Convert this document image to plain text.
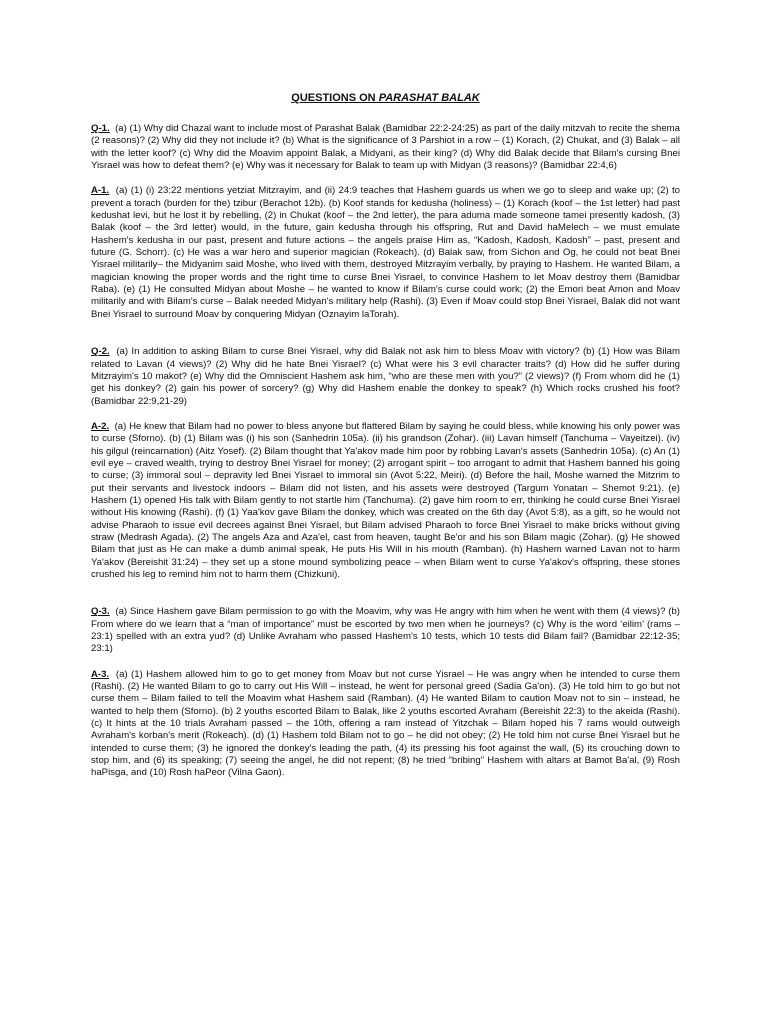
QUESTIONS ON PARASHAT BALAK

Q-1. (a) (1) Why did Chazal want to include most of Parashat Balak (Bamidbar 22:2-24:25) as part of the daily mitzvah to recite the shema (2 reasons)? (2) Why did they not include it? (b) What is the significance of 3 Parshiot in a row – (1) Korach, (2) Chukat, and (3) Balak – all with the letter koof? (c) Why did the Moavim appoint Balak, a Midyani, as their king? (d) Why did Balak decide that Bilam's cursing Bnei Yisrael was how to defeat them? (e) Why was it necessary for Balak to team up with Midyan (3 reasons)? (Bamidbar 22:4,6)

A-1. (a) (1) (i) 23:22 mentions yetziat Mitzrayim, and (ii) 24:9 teaches that Hashem guards us when we go to sleep and wake up; (2) to prevent a torach (burden for the) tzibur (Berachot 12b). (b) Koof stands for kedusha (holiness) – (1) Korach (koof – the 1st letter) had past kedushat levi, but he lost it by rebelling, (2) in Chukat (koof – the 2nd letter), the para aduma made someone tamei presently kadosh, (3) Balak (koof – the 3rd letter) would, in the future, gain kedusha through his offspring, Rut and David haMelech – we must emulate Hashem's kedusha in our past, present and future actions – the angels praise Him as, “Kadosh, Kadosh, Kadosh” – past, present and future (G. Schorr). (c) He was a war hero and superior magician (Rokeach). (d) Balak saw, from Sichon and Og, he could not beat Bnei Yisrael militarily– the Midyanim said Moshe, who lived with them, destroyed Mitzrayim verbally, by praying to Hashem. He wanted Bilam, a magician knowing the proper words and the right time to curse Bnei Yisrael, to convince Hashem to let Moav destroy them (Bamidbar Raba). (e) (1) He consulted Midyan about Moshe – he wanted to know if Bilam's curse could work; (2) the Emori beat Amon and Moav militarily and with Bilam's curse – Balak needed Midyan's military help (Rashi). (3) Even if Moav could stop Bnei Yisrael, Balak did not want Bnei Yisrael to surround Moav by conquering Midyan (Oznayim laTorah).

Q-2. (a) In addition to asking Bilam to curse Bnei Yisrael, why did Balak not ask him to bless Moav with victory? (b) (1) How was Bilam related to Lavan (4 views)? (2) Why did he hate Bnei Yisrael? (c) What were his 3 evil character traits? (d) How did he suffer during Mitzrayim's 10 makot? (e) Why did the Omniscient Hashem ask him, “who are these men with you?” (2 views)? (f) From whom did he (1) get his donkey? (2) gain his power of sorcery? (g) Why did Hashem enable the donkey to speak? (h) Which rocks crushed his foot? (Bamidbar 22:9,21-29)

A-2. (a) He knew that Bilam had no power to bless anyone but flattered Bilam by saying he could bless, while knowing his only power was to curse (Sforno). (b) (1) Bilam was (i) his son (Sanhedrin 105a). (ii) his grandson (Zohar). (iii) Lavan himself (Tanchuma – Vayeitzei). (iv) his gilgul (reincarnation) (Aitz Yosef). (2) Bilam thought that Ya'akov made him poor by robbing Lavan's assets (Sanhedrin 105a). (c) An (1) evil eye – craved wealth, trying to destroy Bnei Yisrael for money; (2) arrogant spirit – too arrogant to admit that Hashem banned his going to curse; (3) immoral soul – depravity led Bnei Yisrael to immoral sin (Avot 5:22, Meiri). (d) Before the hail, Moshe warned the Mitzrim to put their servants and livestock indoors – Bilam did not listen, and his assets were destroyed (Targum Yonatan – Shemot 9:21). (e) Hashem (1) opened His talk with Bilam gently to not startle him (Tanchuma). (2) gave him room to err, thinking he could curse Bnei Yisrael without His knowing (Rashi). (f) (1) Yaa'kov gave Bilam the donkey, which was created on the 6th day (Avot 5:8), as a gift, so he would not advise Pharaoh to issue evil decrees against Bnei Yisrael, but Bilam advised Pharaoh to force Bnei Yisrael to make bricks without giving straw (Medrash Agada). (2) The angels Aza and Aza'el, cast from heaven, taught Be'or and his son Bilam magic (Zohar). (g) He showed Bilam that just as He can make a dumb animal speak, He puts His Will in his mouth (Ramban). (h) Hashem warned Lavan not to harm Ya'akov (Bereishit 31:24) – they set up a stone mound symbolizing peace – when Bilam went to curse Ya'akov's offspring, these stones crushed his leg to remind him not to harm them (Chizkuni).

Q-3. (a) Since Hashem gave Bilam permission to go with the Moavim, why was He angry with him when he went with them (4 views)? (b) From where do we learn that a “man of importance” must be escorted by two men when he journeys? (c) Why is the word ‘eilim’ (rams – 23:1) spelled with an extra yud? (d) Unlike Avraham who passed Hashem's 10 tests, which 10 tests did Bilam fail? (Bamidbar 22:12-35; 23:1)

A-3. (a) (1) Hashem allowed him to go to get money from Moav but not curse Yisrael – He was angry when he intended to curse them (Rashi). (2) He wanted Bilam to go to carry out His Will – instead, he went for personal greed (Sadia Ga'on). (3) He told him to go but not curse them – Bilam failed to tell the Moavim what Hashem said (Ramban). (4) He wanted Bilam to caution Moav not to sin – instead, he wanted to help them (Sforno). (b) 2 youths escorted Bilam to Balak, like 2 youths escorted Avraham (Bereishit 22:3) to the akeida (Rashi). (c) It hints at the 10 trials Avraham passed – the 10th, offering a ram instead of Yitzchak – Bilam hoped his 7 rams would outweigh Avraham's korban's merit (Rokeach). (d) (1) Hashem told Bilam not to go – he did not obey; (2) He told him not curse Bnei Yisrael but he intended to curse them; (3) he ignored the donkey's leading the path, (4) its pressing his foot against the wall, (5) its crouching down to stop him, and (6) its speaking; (7) seeing the angel, he did not repent; (8) he tried “bribing” Hashem with altars at Bamot Ba'al, (9) Rosh haPisga, and (10) Rosh haPeor (Vilna Gaon).
